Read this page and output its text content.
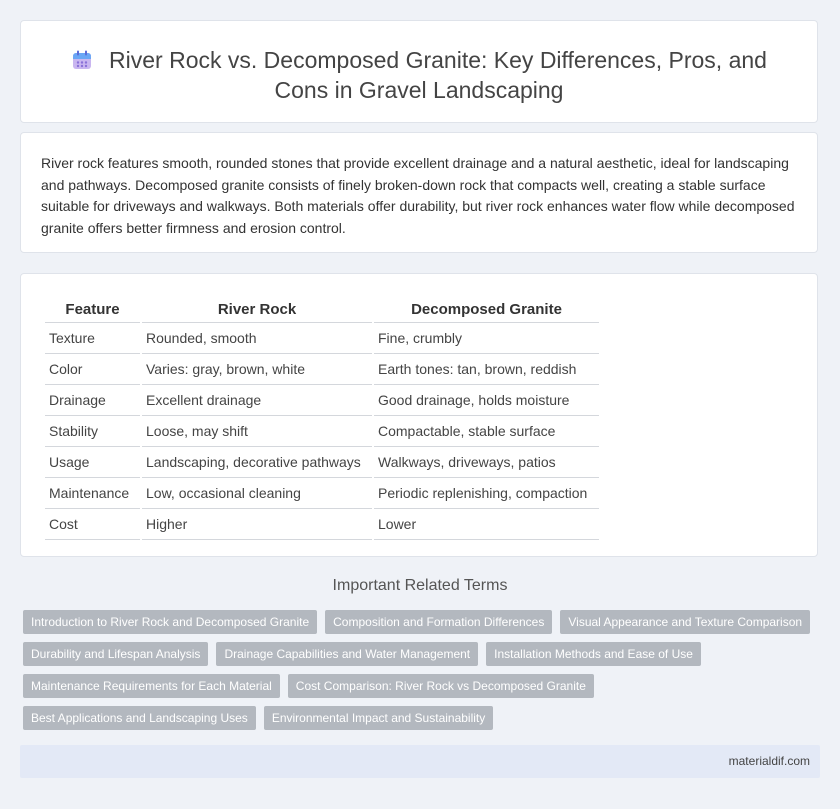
River Rock vs. Decomposed Granite: Key Differences, Pros, and Cons in Gravel Landscaping

River rock features smooth, rounded stones that provide excellent drainage and a natural aesthetic, ideal for landscaping and pathways. Decomposed granite consists of finely broken-down rock that compacts well, creating a stable surface suitable for driveways and walkways. Both materials offer durability, but river rock enhances water flow while decomposed granite offers better firmness and erosion control.

Feature	River Rock	Decomposed Granite
Texture	Rounded, smooth	Fine, crumbly
Color	Varies: gray, brown, white	Earth tones: tan, brown, reddish
Drainage	Excellent drainage	Good drainage, holds moisture
Stability	Loose, may shift	Compactable, stable surface
Usage	Landscaping, decorative pathways	Walkways, driveways, patios
Maintenance	Low, occasional cleaning	Periodic replenishing, compaction
Cost	Higher	Lower
Important Related Terms
Introduction to River Rock and Decomposed Granite	Composition and Formation Differences	Visual Appearance and Texture Comparison
Durability and Lifespan Analysis	Drainage Capabilities and Water Management	Installation Methods and Ease of Use
Maintenance Requirements for Each Material	Cost Comparison: River Rock vs Decomposed Granite
Best Applications and Landscaping Uses	Environmental Impact and Sustainability
materialdif.com
